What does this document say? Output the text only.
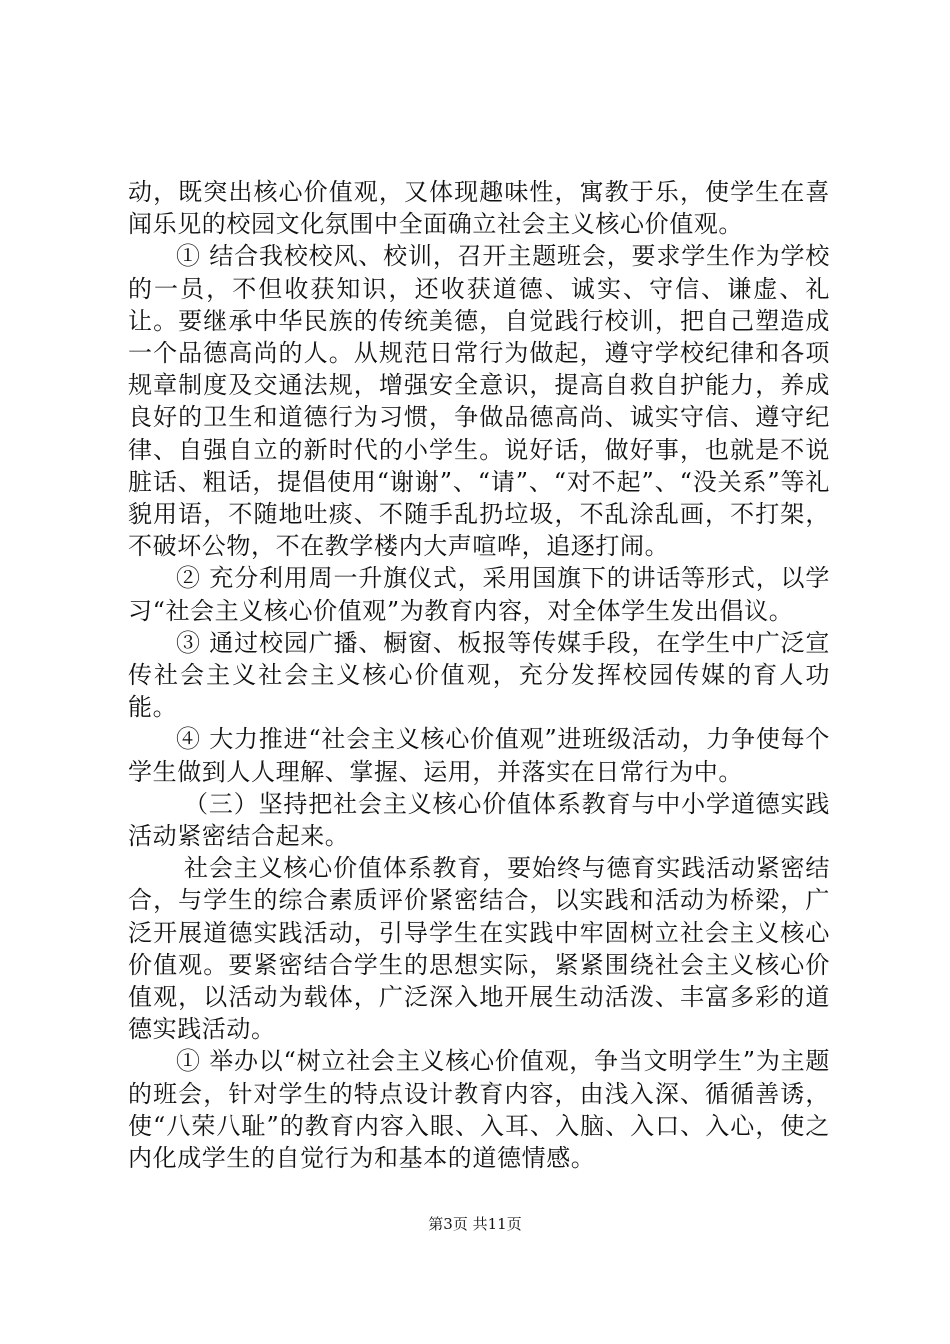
动，既突出核心价值观，又体现趣味性，寓教于乐，使学生在喜闻乐见的校园文化氛围中全面确立社会主义核心价值观。

① 结合我校校风、校训，召开主题班会，要求学生作为学校的一员，不但收获知识，还收获道德、诚实、守信、谦虚、礼让。要继承中华民族的传统美德，自觉践行校训，把自己塑造成一个品德高尚的人。从规范日常行为做起，遵守学校纪律和各项规章制度及交通法规，增强安全意识，提高自救自护能力，养成良好的卫生和道德行为习惯，争做品德高尚、诚实守信、遵守纪律、自强自立的新时代的小学生。说好话，做好事，也就是不说脏话、粗话，提倡使用“谢谢”、“请”、“对不起”、“没关系”等礼貌用语，不随地吐痰、不随手乱扔垃圾，不乱涂乱画，不打架，不破坏公物，不在教学楼内大声喧哗，追逐打闹。

② 充分利用周一升旗仪式，采用国旗下的讲话等形式，以学习“社会主义核心价值观”为教育内容，对全体学生发出倡议。

③ 通过校园广播、橱窗、板报等传媒手段，在学生中广泛宣传社会主义社会主义核心价值观，充分发挥校园传媒的育人功能。

④ 大力推进“社会主义核心价值观”进班级活动，力争使每个学生做到人人理解、掌握、运用，并落实在日常行为中。

（三）坚持把社会主义核心价值体系教育与中小学道德实践活动紧密结合起来。

社会主义核心价值体系教育，要始终与德育实践活动紧密结合，与学生的综合素质评价紧密结合，以实践和活动为桥梁，广泛开展道德实践活动，引导学生在实践中牢固树立社会主义核心价值观。要紧密结合学生的思想实际，紧紧围绕社会主义核心价值观，以活动为载体，广泛深入地开展生动活泼、丰富多彩的道德实践活动。

① 举办以“树立社会主义核心价值观，争当文明学生”为主题的班会，针对学生的特点设计教育内容，由浅入深、循循善诱，使“八荣八耻”的教育内容入眼、入耳、入脑、入口、入心，使之内化成学生的自觉行为和基本的道德情感。

第3页 共11页
